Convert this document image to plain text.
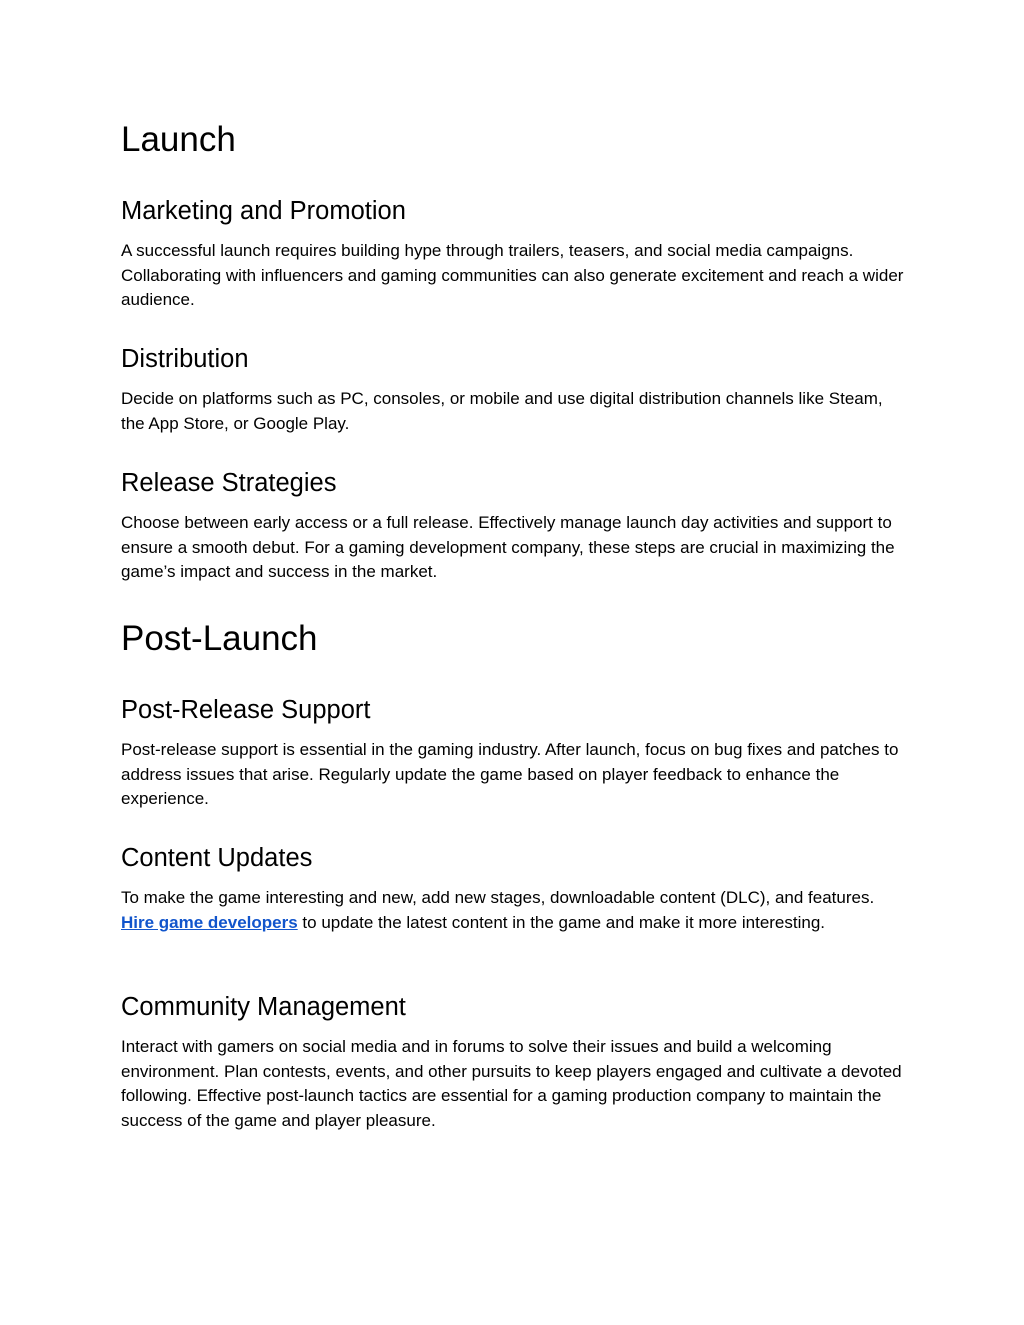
Launch
Marketing and Promotion

A successful launch requires building hype through trailers, teasers, and social media campaigns. Collaborating with influencers and gaming communities can also generate excitement and reach a wider audience.

Distribution

Decide on platforms such as PC, consoles, or mobile and use digital distribution channels like Steam, the App Store, or Google Play.

Release Strategies

Choose between early access or a full release. Effectively manage launch day activities and support to ensure a smooth debut. For a gaming development company, these steps are crucial in maximizing the game’s impact and success in the market.

Post-Launch
Post-Release Support

Post-release support is essential in the gaming industry. After launch, focus on bug fixes and patches to address issues that arise. Regularly update the game based on player feedback to enhance the experience.

Content Updates

To make the game interesting and new, add new stages, downloadable content (DLC), and features. Hire game developers to update the latest content in the game and make it more interesting.

Community Management

Interact with gamers on social media and in forums to solve their issues and build a welcoming environment. Plan contests, events, and other pursuits to keep players engaged and cultivate a devoted following. Effective post-launch tactics are essential for a gaming production company to maintain the success of the game and player pleasure.
